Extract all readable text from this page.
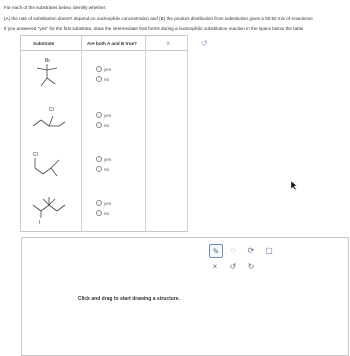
For each of the substrates below, identify whether:
(A) the rate of substitution doesn't depend on nucleophile concentration and (B) the product distribution from substitution gives a 50:50 mix of enantiome
If you answered "yes" for the first substrate, draw the intermediate that forms during a nucleophilic substitution reaction in the space below the table.
Substrate	Are both A and B true?	×	↺
Br
yes
no
Cl
yes
no
Cl
yes
no
I
yes
no
Click and drag to start drawing a structure.
✎	◌	⟳	▢
×	↺	↻
